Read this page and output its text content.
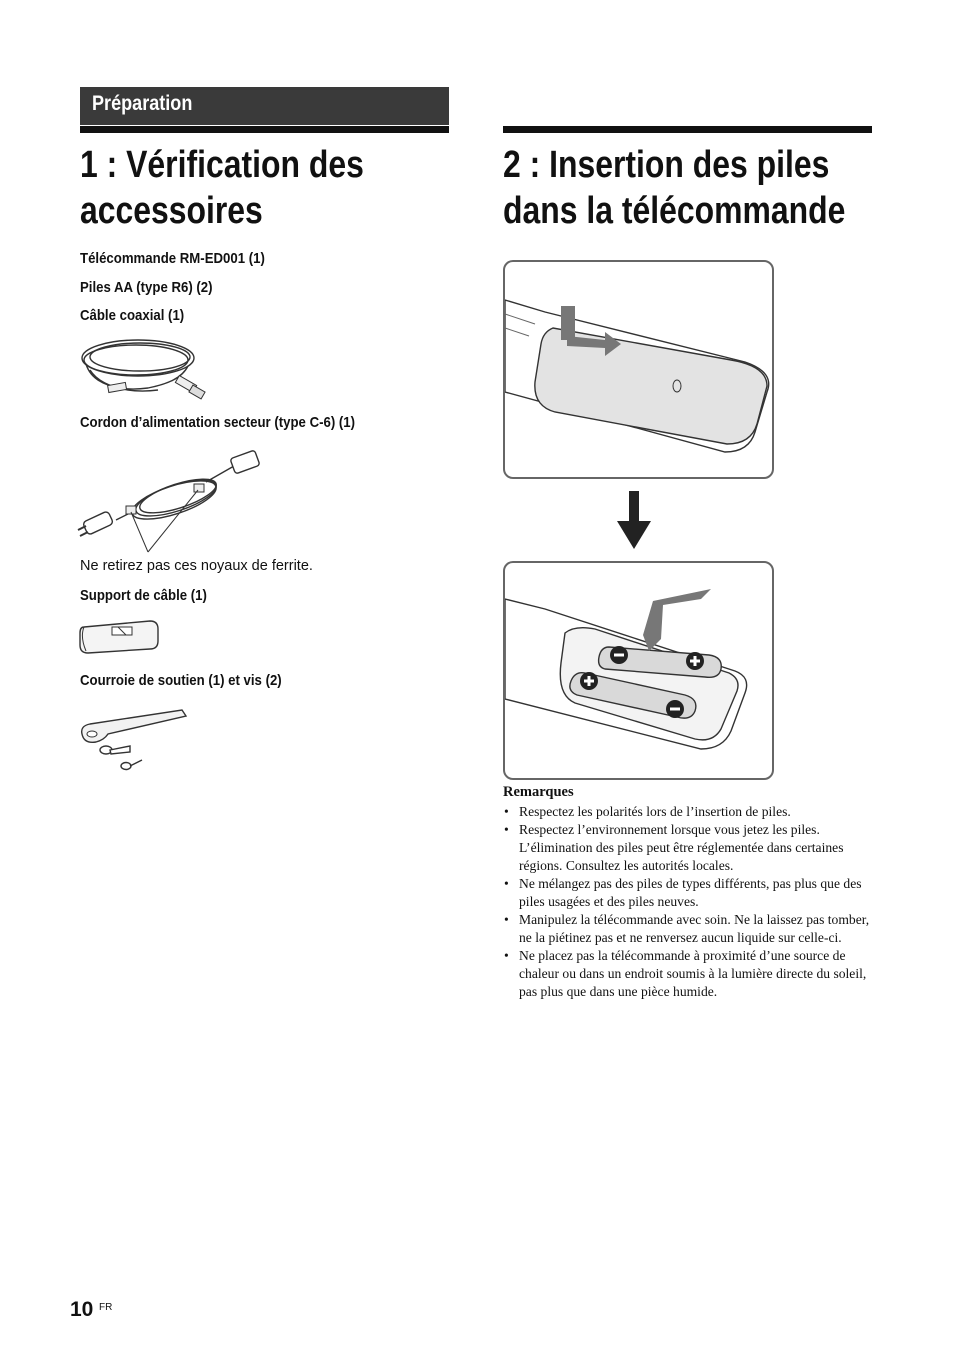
Préparation
1 : Vérification des
accessoires
2 : Insertion des piles
dans la télécommande
Télécommande RM-ED001 (1)
Piles AA (type R6) (2)
Câble coaxial (1)
Cordon d’alimentation secteur (type C-6) (1)
Ne retirez pas ces noyaux de ferrite.
Support de câble (1)
Courroie de soutien (1) et vis (2)
Remarques
• Respectez les polarités lors de l’insertion de piles.
• Respectez l’environnement lorsque vous jetez les piles. L’élimination des piles peut être réglementée dans certaines régions. Consultez les autorités locales.
• Ne mélangez pas des piles de types différents, pas plus que des piles usagées et des piles neuves.
• Manipulez la télécommande avec soin. Ne la laissez pas tomber, ne la piétinez pas et ne renversez aucun liquide sur celle-ci.
• Ne placez pas la télécommande à proximité d’une source de chaleur ou dans un endroit soumis à la lumière directe du soleil, pas plus que dans une pièce humide.
10 FR
